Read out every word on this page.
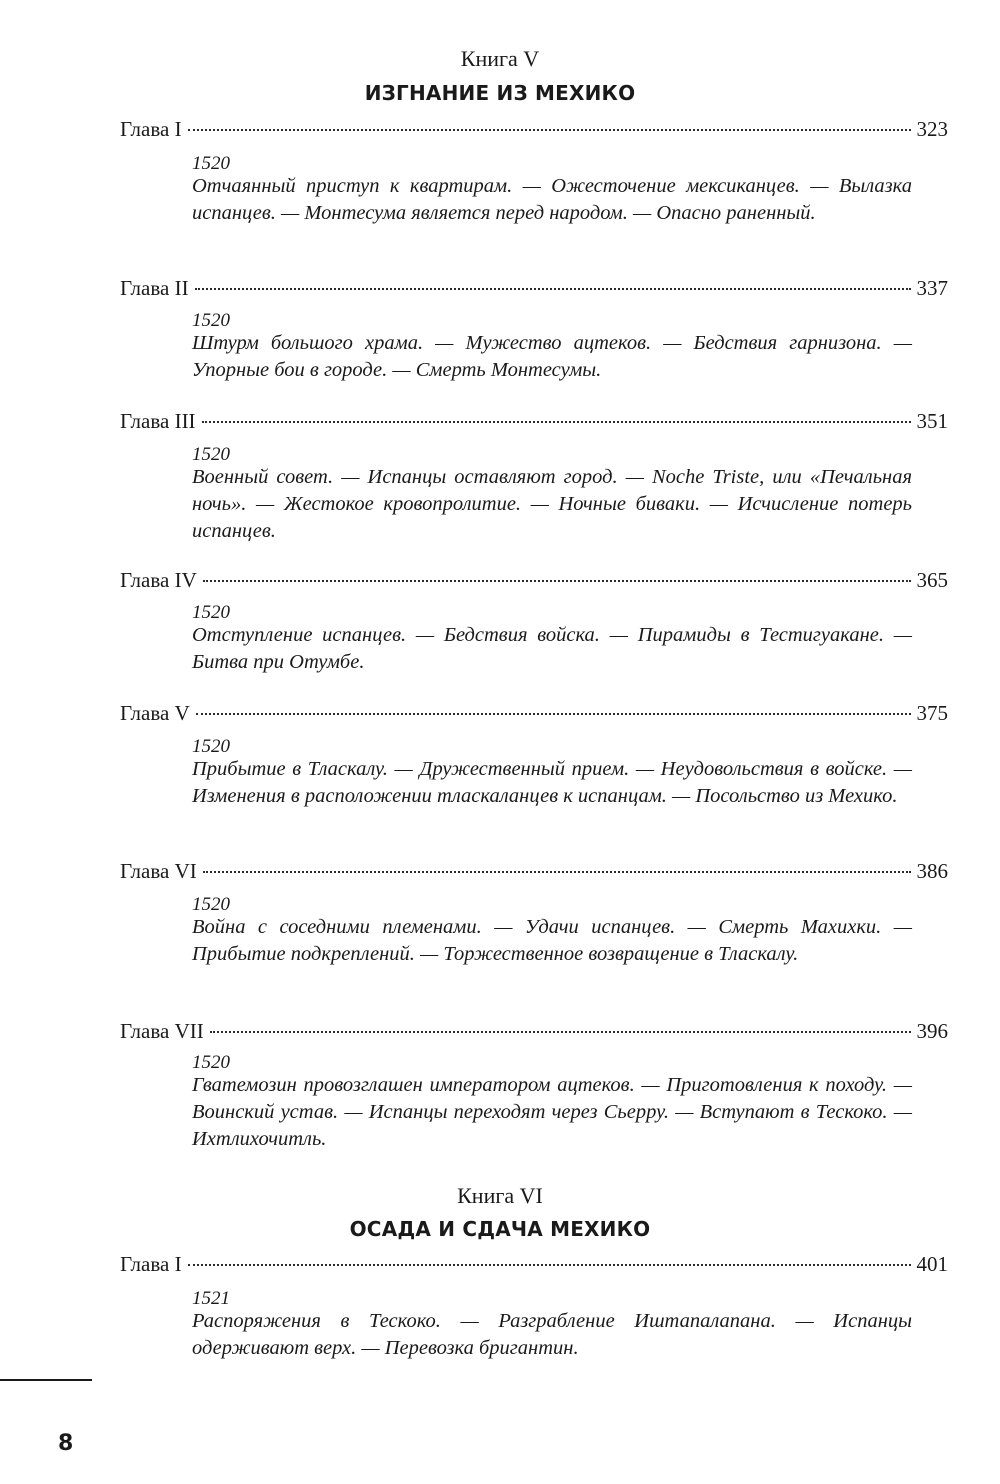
Книга V
ИЗГНАНИЕ ИЗ МЕХИКО
Глава I	323
1520
Отчаянный приступ к квартирам. — Ожесточение мексиканцев. — Вылазка испанцев. — Монтесума является перед народом. — Опасно раненный.
Глава II	337
1520
Штурм большого храма. — Мужество ацтеков. — Бедствия гарнизона. — Упорные бои в городе. — Смерть Монтесумы.
Глава III	351
1520
Военный совет. — Испанцы оставляют город. — Noche Triste, или «Печальная ночь». — Жестокое кровопролитие. — Ночные биваки. — Исчисление потерь испанцев.
Глава IV	365
1520
Отступление испанцев. — Бедствия войска. — Пирамиды в Тестигуакане. — Битва при Отумбе.
Глава V	375
1520
Прибытие в Тласкалу. — Дружественный прием. — Неудовольствия в войске. — Изменения в расположении тласкаланцев к испанцам. — Посольство из Мехико.
Глава VI	386
1520
Война с соседними племенами. — Удачи испанцев. — Смерть Махихки. — Прибытие подкреплений. — Торжественное возвращение в Тласкалу.
Глава VII	396
1520
Гватемозин провозглашен императором ацтеков. — Приготовления к походу. — Воинский устав. — Испанцы переходят через Сьерру. — Вступают в Тескоко. — Ихтлихочитль.
Книга VI
ОСАДА И СДАЧА МЕХИКО
Глава I	401
1521
Распоряжения в Тескоко. — Разграбление Иштапалапана. — Испанцы одерживают верх. — Перевозка бригантин.
8
